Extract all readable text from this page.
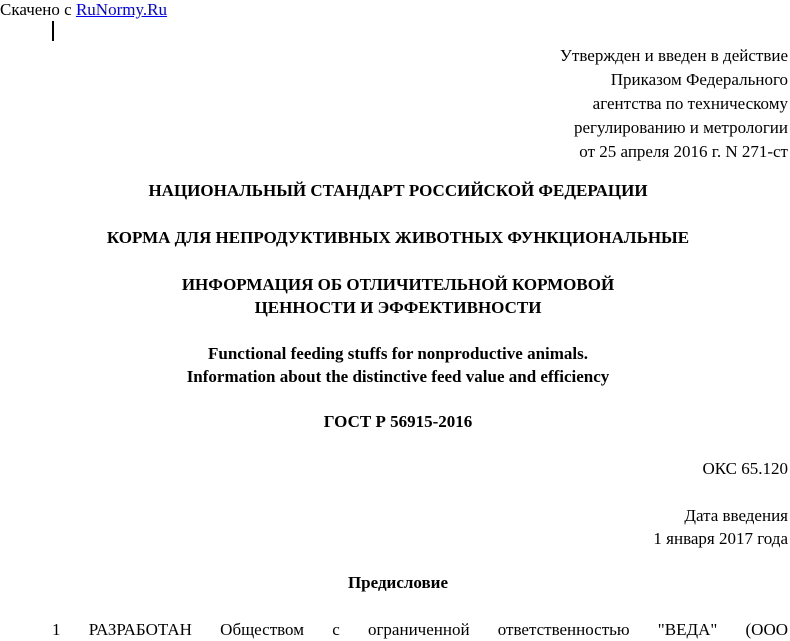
Скачено с RuNormy.Ru
Утвержден и введен в действие
Приказом Федерального
агентства по техническому
регулированию и метрологии
от 25 апреля 2016 г. N 271-ст
НАЦИОНАЛЬНЫЙ СТАНДАРТ РОССИЙСКОЙ ФЕДЕРАЦИИ
КОРМА ДЛЯ НЕПРОДУКТИВНЫХ ЖИВОТНЫХ ФУНКЦИОНАЛЬНЫЕ
ИНФОРМАЦИЯ ОБ ОТЛИЧИТЕЛЬНОЙ КОРМОВОЙ
ЦЕННОСТИ И ЭФФЕКТИВНОСТИ
Functional feeding stuffs for nonproductive animals.
Information about the distinctive feed value and efficiency
ГОСТ Р 56915-2016
ОКС 65.120
Дата введения
1 января 2017 года
Предисловие
1 РАЗРАБОТАН Обществом с ограниченной ответственностью "ВЕДА" (ООО
